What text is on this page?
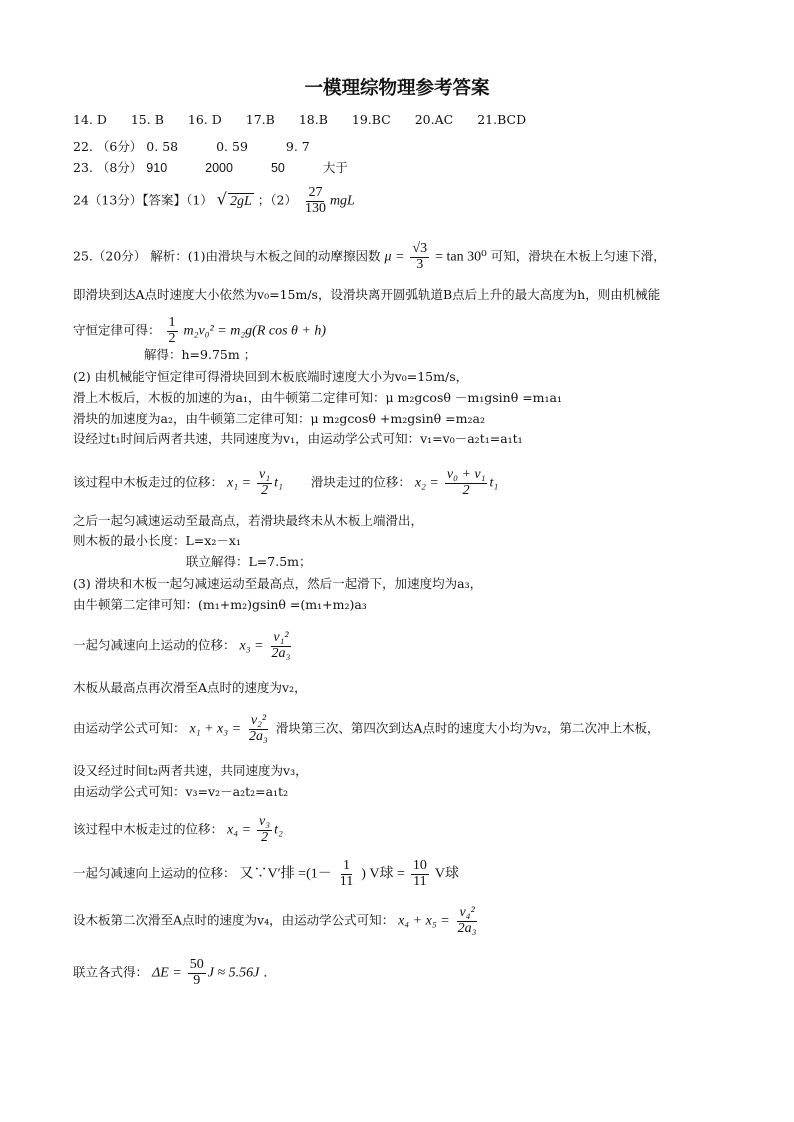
一模理综物理参考答案
14. D 15. B 16. D 17.B 18.B 19.BC 20.AC 21.BCD
22. （6分） 0. 58	0. 59	9. 7
23. （8分） 910	2000	50	大于
24（13分）【答案】（1） √ 2gL ；$(2) \frac{27}{130}$ mgL
25.（20分） 解析：(1)由滑块与木板之间的动摩擦因数 $\mu = \frac{√3}{3} = \tan 30^0$ 可知，滑块在木板上匀速下滑，
即滑块到达A点时速度大小依然为v₀=15m/s，设滑块离开圆弧轨道B点后上升的最大高度为h，则由机械能
守恒定律可得： $\frac{1}{2} m_2v_0^2 = m_2g(R$ cos θ + h)
解得：h=9.75m ；
(2) 由机械能守恒定律可得滑块回到木板底端时速度大小为v₀=15m/s，
滑上木板后，木板的加速的为a₁，由牛顿第二定律可知：μ m₂gcosθ －m₁gsinθ =m₁a₁
滑块的加速度为a₂，由牛顿第二定律可知：μ m₂gcosθ +m₂gsinθ =m₂a₂
设经过t₁时间后两者共速，共同速度为v₁，由运动学公式可知：v₁=v₀－a₂t₁=a₁t₁
该过程中木板走过的位移： $x_1 = \frac{\text{v₁}}{2} t_1$ 滑块走过的位移： $x_2 = \frac{\text{v₀ + v₁}}{2} t_1$
之后一起匀减速运动至最高点，若滑块最终未从木板上端滑出，
则木板的最小长度：L=x₂－x₁
联立解得：L=7.5m；
(3) 滑块和木板一起匀减速运动至最高点，然后一起滑下，加速度均为a₃，
由牛顿第二定律可知：(m₁+m₂)gsinθ =(m₁+m₂)a₃
一起匀减速向上运动的位移： $x_3 = \frac{\text{v₁²}}{\text{2a₃}}$
木板从最高点再次滑至A点时的速度为v₂，
由运动学公式可知： $x_1 + x_3 = \frac{\text{v₂²}}{\text{2a₃}}$ 滑块第三次、第四次到达A点时的速度大小均为v₂，第二次冲上木板，
设又经过时间t₂两者共速，共同速度为v₃，
由运动学公式可知：v₃=v₂－a₂t₂=a₁t₂
该过程中木板走过的位移： $x_4 = \frac{\text{v₃}}{2} t_2$
一起匀减速向上运动的位移： 又∵V′排 $=(1- \frac{1}{11}$ ) V球 = $\frac{10}{11}$ V球
设木板第二次滑至A点时的速度为v₄，由运动学公式可知： $x_4 + x_5 = \frac{\text{v₄²}}{\text{2a₃}}$
联立各式得： $\Delta E = \frac{50}{9}$ J ≈ 5.56J ．
